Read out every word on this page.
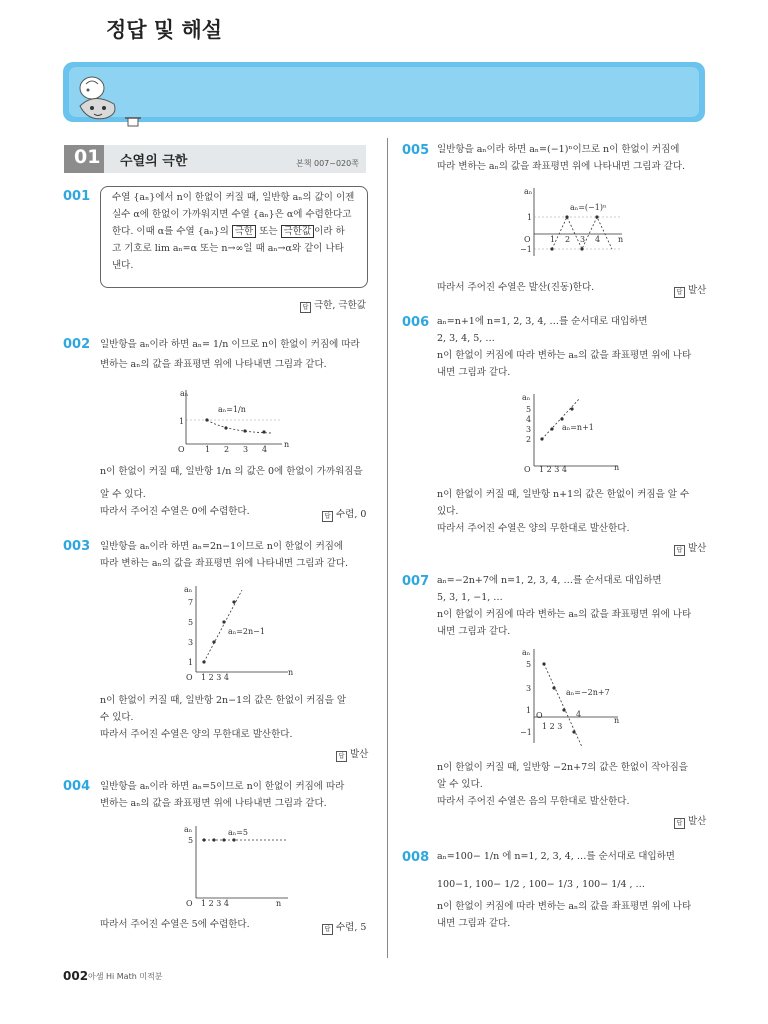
정답 및 해설
01 수열의 극한	본책 007~020쪽
001 수열 {aₙ}에서 n이 한없이 커질 때, 일반항 aₙ의 값이 이젠
실수 α에 한없이 가까워지면 수열 {aₙ}은 α에 수렴한다고
한다. 이때 α를 수열 {aₙ}의 극한 또는 극한값 이라 하
고 기호로 lim aₙ=α 또는 n→∞일 때 aₙ→α와 같이 나타
낸다.
답 극한, 극한값
002 일반항을 aₙ이라 하면 aₙ= 1/n 이므로 n이 한없이 커짐에 따라
변하는 aₙ의 값을 좌표평면 위에 나타내면 그림과 같다.
aₙ
n
O
1
1 2 3 4
aₙ=1/n
n이 한없이 커질 때, 일반항 1/n 의 값은 0에 한없이 가까워짐을
알 수 있다.
따라서 주어진 수열은 0에 수렴한다.	답 수렴, 0
003 일반항을 aₙ이라 하면 aₙ=2n−1이므로 n이 한없이 커짐에
따라 변하는 aₙ의 값을 좌표평면 위에 나타내면 그림과 같다.
aₙ
n
O
1
3
5
7
1 2 3 4
aₙ=2n−1
n이 한없이 커질 때, 일반항 2n−1의 값은 한없이 커짐을 알
수 있다.
따라서 주어진 수열은 양의 무한대로 발산한다.
답 발산
004 일반항을 aₙ이라 하면 aₙ=5이므로 n이 한없이 커짐에 따라
변하는 aₙ의 값을 좌표평면 위에 나타내면 그림과 같다.
aₙ
n
O
5
1 2 3 4
aₙ=5
따라서 주어진 수열은 5에 수렴한다.	답 수렴, 5
005 일반항을 aₙ이라 하면 aₙ=(−1)ⁿ이므로 n이 한없이 커짐에
따라 변하는 aₙ의 값을 좌표평면 위에 나타내면 그림과 같다.
aₙ
n
O
1
−1
1 2 3 4
aₙ=(−1)ⁿ
따라서 주어진 수열은 발산(진동)한다.	답 발산
006 aₙ=n+1에 n=1, 2, 3, 4, …를 순서대로 대입하면
2, 3, 4, 5, …
n이 한없이 커짐에 따라 변하는 aₙ의 값을 좌표평면 위에 나타
내면 그림과 같다.
aₙ
n
O
2
3
4
5
1 2 3 4
aₙ=n+1
n이 한없이 커질 때, 일반항 n+1의 값은 한없이 커짐을 알 수
있다.
따라서 주어진 수열은 양의 무한대로 발산한다.
답 발산
007 aₙ=−2n+7에 n=1, 2, 3, 4, …를 순서대로 대입하면
5, 3, 1, −1, …
n이 한없이 커짐에 따라 변하는 aₙ의 값을 좌표평면 위에 나타
내면 그림과 같다.
aₙ
n
O
5
3
1
−1
1 2 3
4
aₙ=−2n+7
n이 한없이 커질 때, 일반항 −2n+7의 값은 한없이 작아짐을
알 수 있다.
따라서 주어진 수열은 음의 무한대로 발산한다.
답 발산
008 aₙ=100− 1/n 에 n=1, 2, 3, 4, …를 순서대로 대입하면
100−1, 100− 1/2 , 100− 1/3 , 100− 1/4 , …
n이 한없이 커짐에 따라 변하는 aₙ의 값을 좌표평면 위에 나타
내면 그림과 같다.
002 아샘 Hi Math 미적분
